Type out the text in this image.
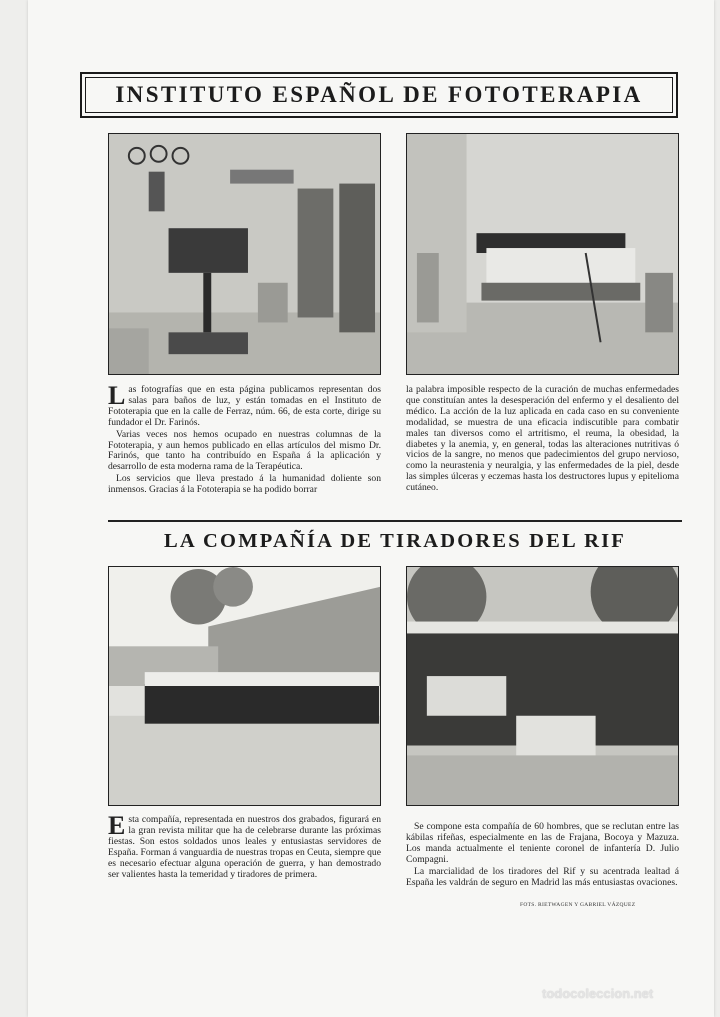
INSTITUTO ESPAÑOL DE FOTOTERAPIA

Las fotografías que en esta página publicamos representan dos salas para baños de luz, y están tomadas en el Instituto de Fototerapia que en la calle de Ferraz, núm. 66, de esta corte, dirige su fundador el Dr. Farinós.

Varias veces nos hemos ocupado en nuestras columnas de la Fototerapia, y aun hemos publicado en ellas artículos del mismo Dr. Farinós, que tanto ha contribuído en España á la aplicación y desarrollo de esta moderna rama de la Terapéutica.

Los servicios que lleva prestado á la humanidad doliente son inmensos. Gracias á la Fototerapia se ha podido borrar

la palabra imposible respecto de la curación de muchas enfermedades que constituían antes la desesperación del enfermo y el desaliento del médico. La acción de la luz aplicada en cada caso en su conveniente modalidad, se muestra de una eficacia indiscutible para combatir males tan diversos como el artritismo, el reuma, la obesidad, la diabetes y la anemia, y, en general, todas las alteraciones nutritivas ó vicios de la sangre, no menos que padecimientos del grupo nervioso, como la neurastenia y neuralgia, y las enfermedades de la piel, desde las simples úlceras y eczemas hasta los destructores lupus y epitelioma cutáneo.

LA COMPAÑÍA DE TIRADORES DEL RIF

Esta compañía, representada en nuestros dos grabados, figurará en la gran revista militar que ha de celebrarse durante las próximas fiestas. Son estos soldados unos leales y entusiastas servidores de España. Forman á vanguardia de nuestras tropas en Ceuta, siempre que es necesario efectuar alguna operación de guerra, y han demostrado ser valientes hasta la temeridad y tiradores de primera.

Se compone esta compañía de 60 hombres, que se reclutan entre las kábilas rifeñas, especialmente en las de Frajana, Bocoya y Mazuza. Los manda actualmente el teniente coronel de infantería D. Julio Compagni.

La marcialidad de los tiradores del Rif y su acentrada lealtad á España les valdrán de seguro en Madrid las más entusiastas ovaciones.

FOTS. RIETWAGEN Y GABRIEL VÁZQUEZ
todocoleccion.net
